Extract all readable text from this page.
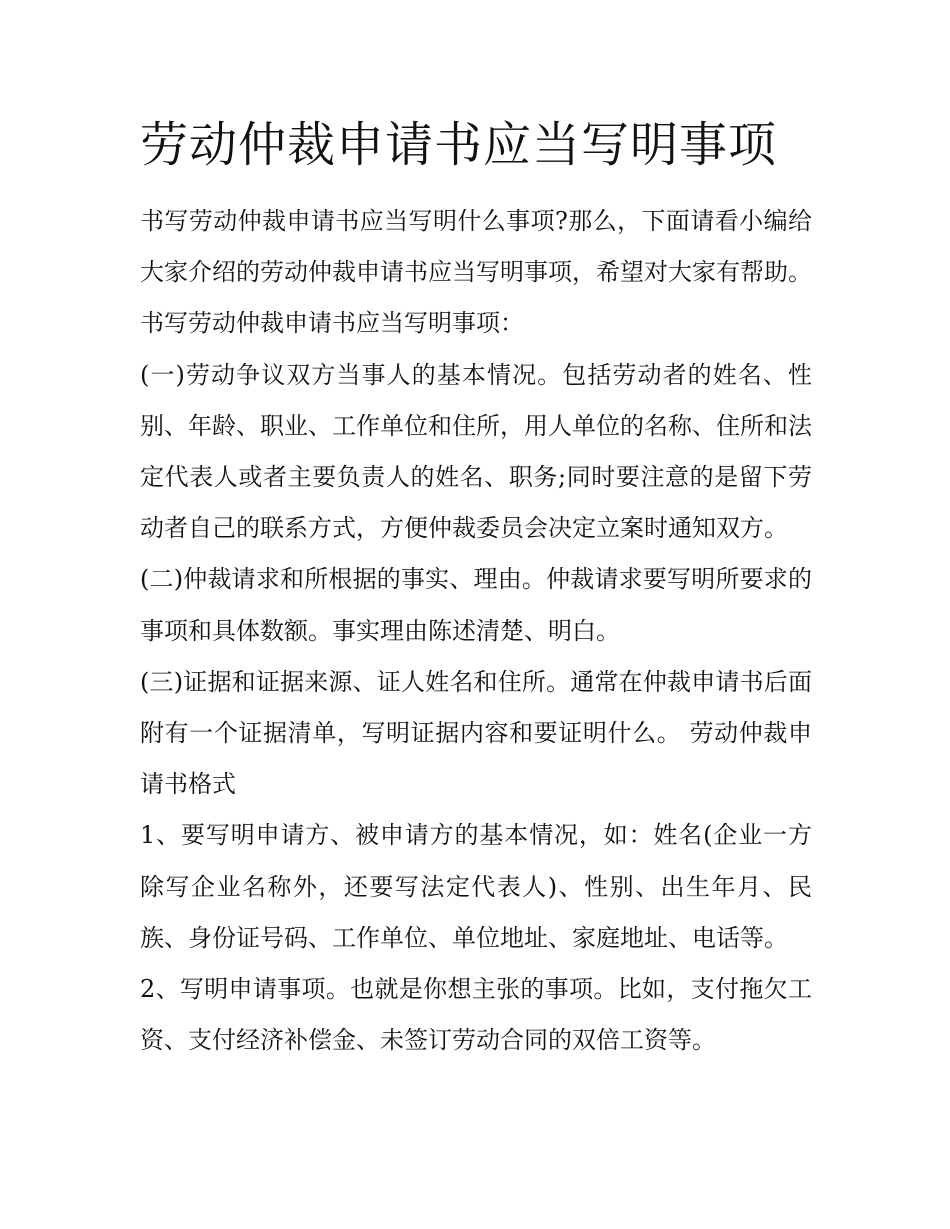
劳动仲裁申请书应当写明事项

书写劳动仲裁申请书应当写明什么事项?那么，下面请看小编给大家介绍的劳动仲裁申请书应当写明事项，希望对大家有帮助。 书写劳动仲裁申请书应当写明事项：

(一)劳动争议双方当事人的基本情况。包括劳动者的姓名、性别、年龄、职业、工作单位和住所，用人单位的名称、住所和法定代表人或者主要负责人的姓名、职务;同时要注意的是留下劳动者自己的联系方式，方便仲裁委员会决定立案时通知双方。

(二)仲裁请求和所根据的事实、理由。仲裁请求要写明所要求的事项和具体数额。事实理由陈述清楚、明白。

(三)证据和证据来源、证人姓名和住所。通常在仲裁申请书后面附有一个证据清单，写明证据内容和要证明什么。 劳动仲裁申请书格式

1、要写明申请方、被申请方的基本情况，如：姓名(企业一方除写企业名称外，还要写法定代表人)、性别、出生年月、民族、身份证号码、工作单位、单位地址、家庭地址、电话等。

2、写明申请事项。也就是你想主张的事项。比如，支付拖欠工资、支付经济补偿金、未签订劳动合同的双倍工资等。
